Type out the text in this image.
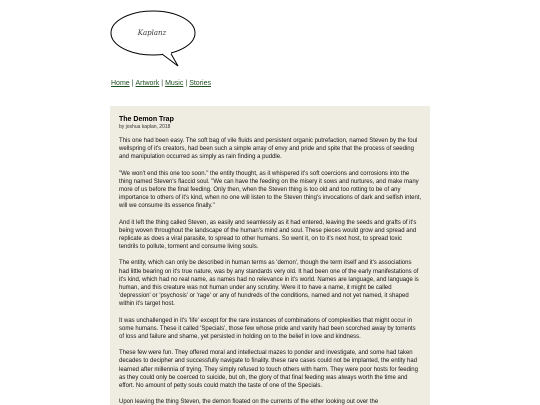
Kaplanz
Home | Artwork | Music | Stories

The Demon Trap

by joshua kaplan, 2018

This one had been easy. The soft bag of vile fluids and persistent organic putrefaction, named Steven by the foul wellspring of it's creators, had been such a simple array of envy and pride and spite that the process of seeding and manipulation occurred as simply as rain finding a puddle.

"We won't end this one too soon." the entity thought, as it whispered it's soft coercions and corrosions into the thing named Steven's flaccid soul. "We can have the feeding on the misery it sows and nurtures, and make many more of us before the final feeding. Only then, when the Steven thing is too old and too rotting to be of any importance to others of it's kind, when no one will listen to the Steven thing's invocations of dark and selfish intent, will we consume its essence finally."

And it left the thing called Steven, as easily and seamlessly as it had entered, leaving the seeds and grafts of it's being woven throughout the landscape of the human's mind and soul. These pieces would grow and spread and replicate as does a viral parasite, to spread to other humans. So went it, on to it's next host, to spread toxic tendrils to pollute, torment and consume living souls.

The entity, which can only be described in human terms as 'demon', though the term itself and it's associations had little bearing on it's true nature, was by any standards very old. It had been one of the early manifestations of it's kind, which had no real name, as names had no relevance in it's world. Names are language, and language is human, and this creature was not human under any scrutiny. Were it to have a name, it might be called 'depression' or 'psychosis' or 'rage' or any of hundreds of the conditions, named and not yet named, it shaped within it's target host.

It was unchallenged in it's 'life' except for the rare instances of combinations of complexities that might occur in some humans. These it called 'Specials', those few whose pride and vanity had been scorched away by torrents of loss and failure and shame, yet persisted in holding on to the belief in love and kindness.

These few were fun. They offered moral and intellectual mazes to ponder and investigate, and some had taken decades to decipher and successfully navigate to finality. these rare cases could not be implanted, the entity had learned after millennia of trying. They simply refused to touch others with harm. They were poor hosts for feeding as they could only be coerced to suicide, but oh, the glory of that final feeding was always worth the time and effort. No amount of petty souls could match the taste of one of the Specials.

Upon leaving the thing Steven, the demon floated on the currents of the ether looking out over the
